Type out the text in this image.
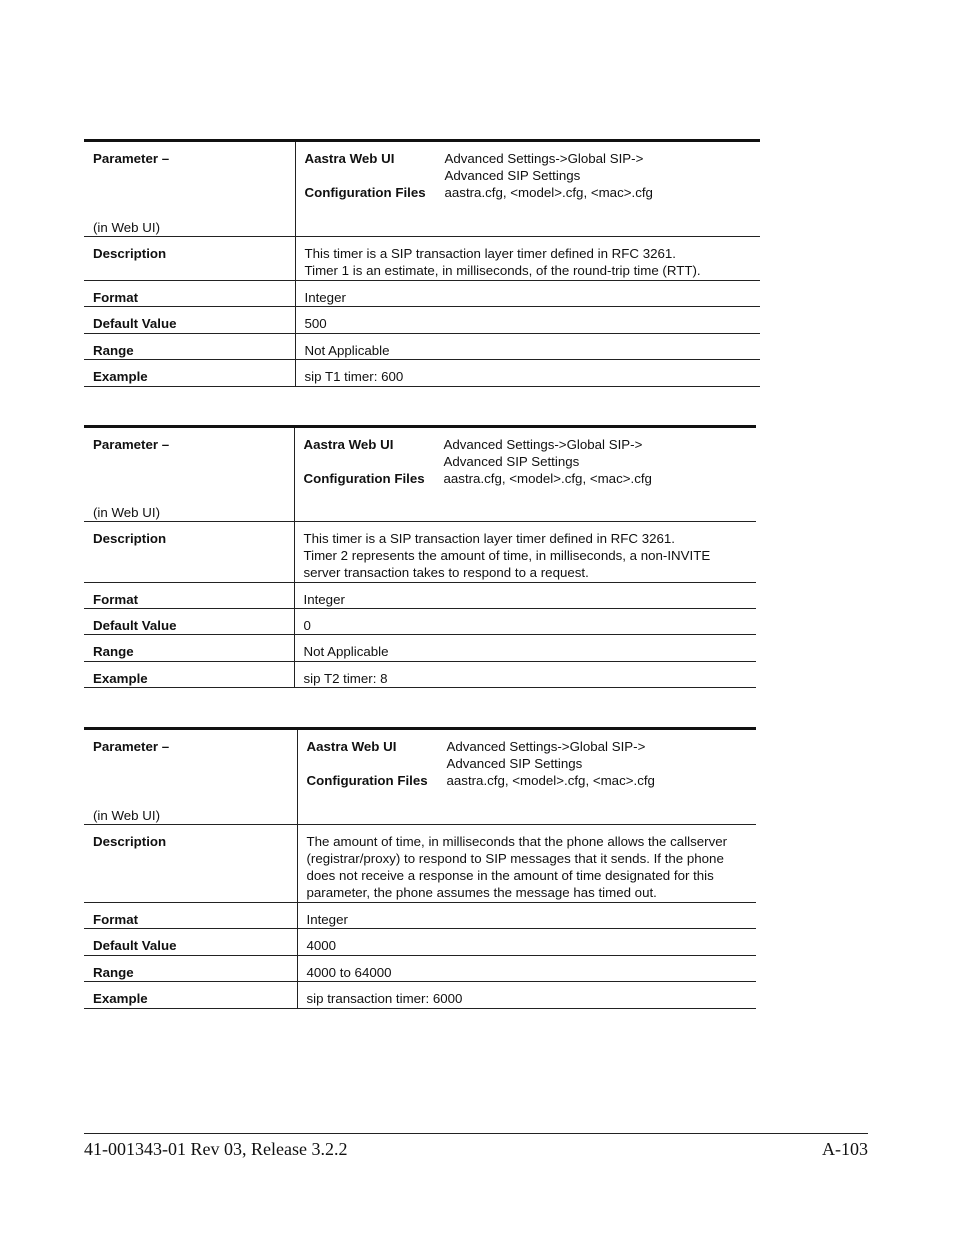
Parameter –
(in Web UI)	Aastra Web UI Advanced Settings->Global SIP->
Advanced SIP Settings
Configuration Files aastra.cfg, <model>.cfg, <mac>.cfg

Description	This timer is a SIP transaction layer timer defined in RFC 3261.
Timer 1 is an estimate, in milliseconds, of the round-trip time (RTT).

Format	Integer
Default Value	500
Range	Not Applicable
Example	sip T1 timer: 600
Parameter –
(in Web UI)	Aastra Web UI Advanced Settings->Global SIP->
Advanced SIP Settings
Configuration Files aastra.cfg, <model>.cfg, <mac>.cfg

Description	This timer is a SIP transaction layer timer defined in RFC 3261.
Timer 2 represents the amount of time, in milliseconds, a non-INVITE
server transaction takes to respond to a request.

Format	Integer
Default Value	0
Range	Not Applicable
Example	sip T2 timer: 8
Parameter –
(in Web UI)	Aastra Web UI Advanced Settings->Global SIP->
Advanced SIP Settings
Configuration Files aastra.cfg, <model>.cfg, <mac>.cfg

Description	The amount of time, in milliseconds that the phone allows the callserver
(registrar/proxy) to respond to SIP messages that it sends. If the phone
does not receive a response in the amount of time designated for this
parameter, the phone assumes the message has timed out.

Format	Integer
Default Value	4000
Range	4000 to 64000
Example	sip transaction timer: 6000
41-001343-01 Rev 03, Release 3.2.2	A-103
